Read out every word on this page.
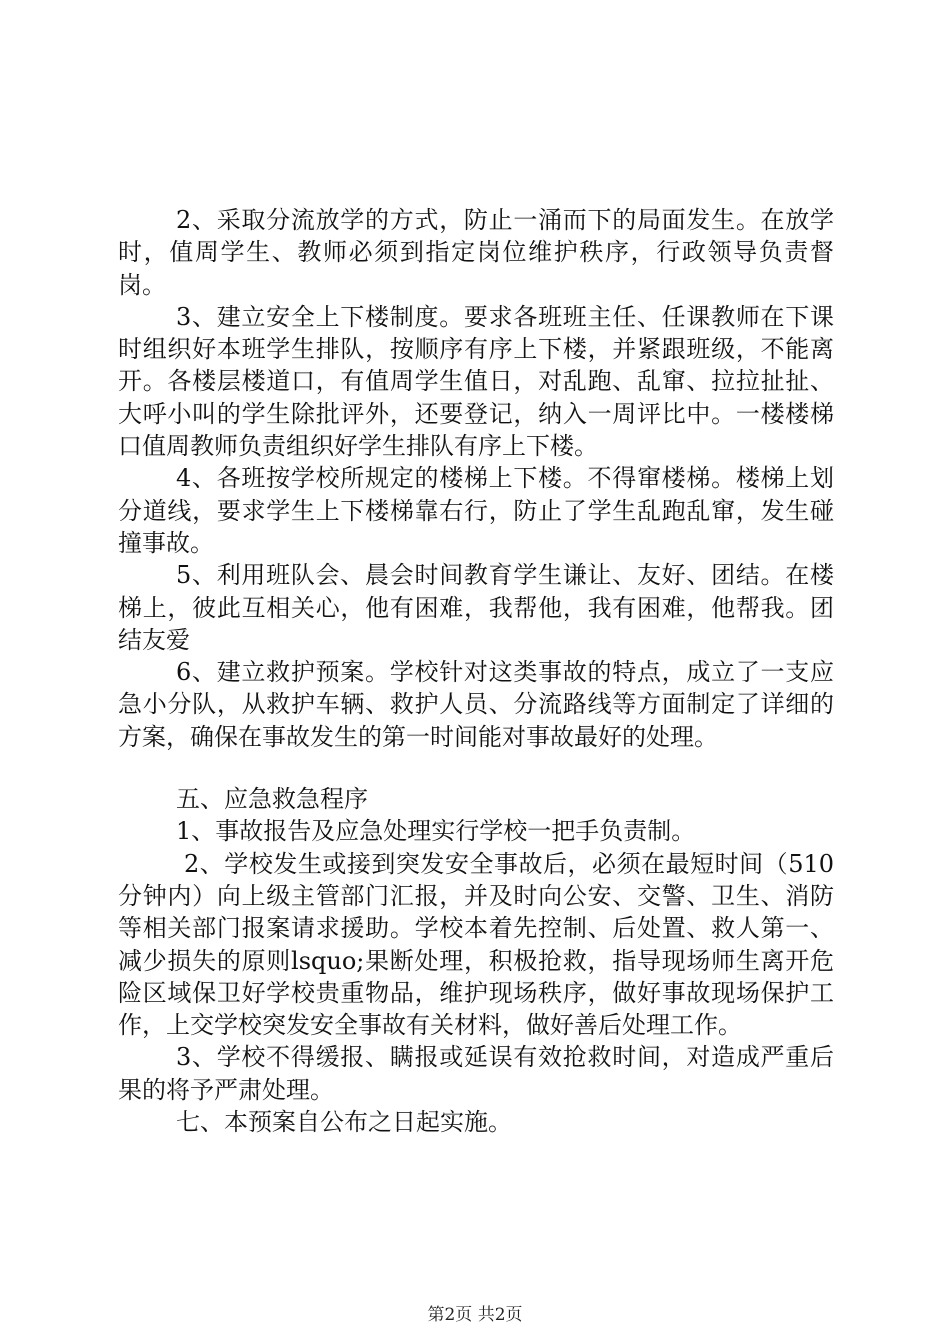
2、采取分流放学的方式，防止一涌而下的局面发生。在放学时，值周学生、教师必须到指定岗位维护秩序，行政领导负责督岗。

3、建立安全上下楼制度。要求各班班主任、任课教师在下课时组织好本班学生排队，按顺序有序上下楼，并紧跟班级，不能离开。各楼层楼道口，有值周学生值日，对乱跑、乱窜、拉拉扯扯、大呼小叫的学生除批评外，还要登记，纳入一周评比中。一楼楼梯口值周教师负责组织好学生排队有序上下楼。

4、各班按学校所规定的楼梯上下楼。不得窜楼梯。楼梯上划分道线，要求学生上下楼梯靠右行，防止了学生乱跑乱窜，发生碰撞事故。

5、利用班队会、晨会时间教育学生谦让、友好、团结。在楼梯上，彼此互相关心，他有困难，我帮他，我有困难，他帮我。团结友爱

6、建立救护预案。学校针对这类事故的特点，成立了一支应急小分队，从救护车辆、救护人员、分流路线等方面制定了详细的方案，确保在事故发生的第一时间能对事故最好的处理。

五、应急救急程序

1、事故报告及应急处理实行学校一把手负责制。

2、学校发生或接到突发安全事故后，必须在最短时间（510分钟内）向上级主管部门汇报，并及时向公安、交警、卫生、消防等相关部门报案请求援助。学校本着先控制、后处置、救人第一、减少损失的原则lsquo;果断处理，积极抢救，指导现场师生离开危险区域保卫好学校贵重物品，维护现场秩序，做好事故现场保护工作，上交学校突发安全事故有关材料，做好善后处理工作。

3、学校不得缓报、瞒报或延误有效抢救时间，对造成严重后果的将予严肃处理。

七、本预案自公布之日起实施。

第2页 共2页
